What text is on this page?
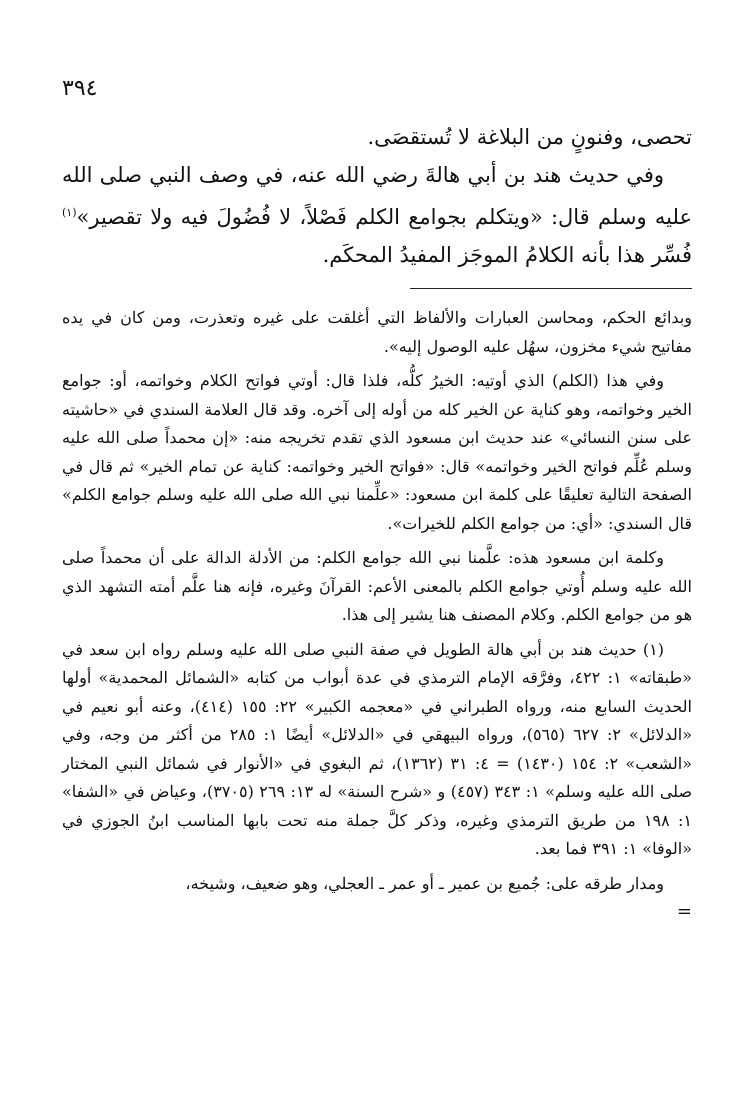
٣٩٤

تحصى، وفنونٍ من البلاغة لا تُستقصَى.

وفي حديث هند بن أبي هالةَ رضي الله عنه، في وصف النبي صلى الله عليه وسلم قال: «ويتكلم بجوامع الكلم فَصْلاً، لا فُضُولَ فيه ولا تقصير»$^{(١)}$ فُسِّر هذا بأنه الكلامُ الموجَز المفيدُ المحكَم.

وبدائع الحكم، ومحاسن العبارات والألفاظ التي أغلقت على غيره وتعذرت، ومن كان في يده مفاتيح شيء مخزون، سهُل عليه الوصول إليه».

وفي هذا (الكلم) الذي أوتيه: الخيرُ كلُّه، فلذا قال: أوتي فواتح الكلام وخواتمه، أو: جوامع الخير وخواتمه، وهو كناية عن الخير كله من أوله إلى آخره. وقد قال العلامة السندي في «حاشيته على سنن النسائي» عند حديث ابن مسعود الذي تقدم تخريجه منه: «إن محمداً صلى الله عليه وسلم عُلِّم فواتح الخير وخواتمه» قال: «فواتح الخير وخواتمه: كناية عن تمام الخير» ثم قال في الصفحة التالية تعليقًا على كلمة ابن مسعود: «علِّمنا نبي الله صلى الله عليه وسلم جوامع الكلم» قال السندي: «أي: من جوامع الكلم للخيرات».

وكلمة ابن مسعود هذه: علَّمنا نبي الله جوامع الكلم: من الأدلة الدالة على أن محمداً صلى الله عليه وسلم أُوتي جوامع الكلم بالمعنى الأعم: القرآنَ وغيره، فإنه هنا علَّم أمته التشهد الذي هو من جوامع الكلم. وكلام المصنف هنا يشير إلى هذا.

(١) حديث هند بن أبي هالة الطويل في صفة النبي صلى الله عليه وسلم رواه ابن سعد في «طبقاته» ١: ٤٢٢، وفرَّقه الإمام الترمذي في عدة أبواب من كتابه «الشمائل المحمدية» أولها الحديث السابع منه، ورواه الطبراني في «معجمه الكبير» ٢٢: ١٥٥ (٤١٤)، وعنه أبو نعيم في «الدلائل» ٢: ٦٢٧ (٥٦٥)، ورواه البيهقي في «الدلائل» أيضًا ١: ٢٨٥ من أكثر من وجه، وفي «الشعب» ٢: ١٥٤ (١٤٣٠) = ٤: ٣١ (١٣٦٢)، ثم البغوي في «الأنوار في شمائل النبي المختار صلى الله عليه وسلم» ١: ٣٤٣ (٤٥٧) و «شرح السنة» له ١٣: ٢٦٩ (٣٧٠٥)، وعياض في «الشفا» ١: ١٩٨ من طريق الترمذي وغيره، وذكر كلَّ جملة منه تحت بابها المناسب ابنُ الجوزي في «الوفا» ١: ٣٩١ فما بعد.

ومدار طرقه على: جُميع بن عمير ـ أو عمر ـ العجلي، وهو ضعيف، وشيخه،

=
